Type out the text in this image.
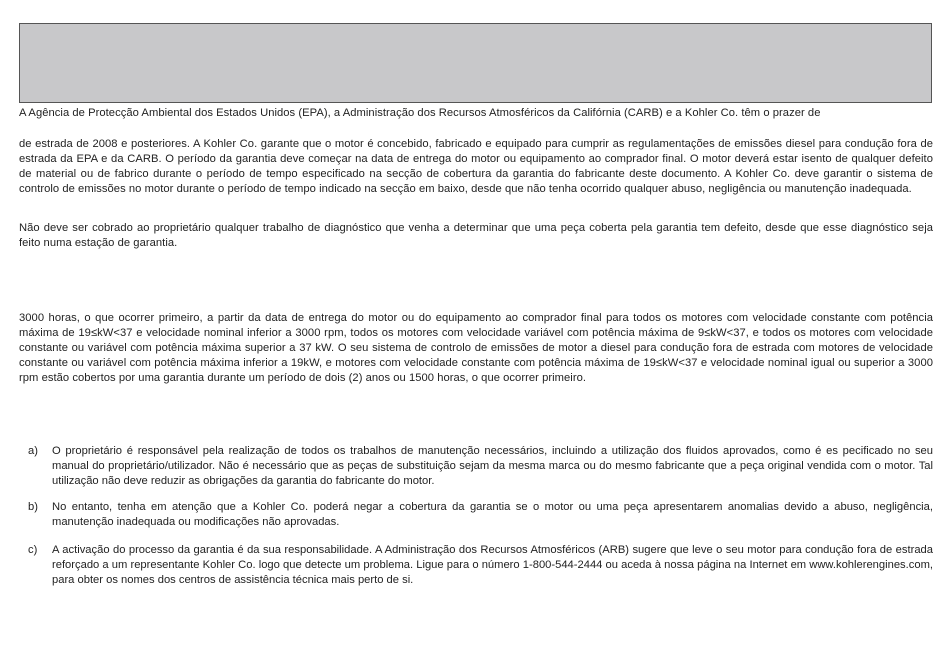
A Agência de Protecção Ambiental dos Estados Unidos (EPA), a Administração dos Recursos Atmosféricos da Califórnia (CARB) e a Kohler Co. têm o prazer de
de estrada de 2008 e posteriores. A Kohler Co. garante que o motor é concebido, fabricado e equipado para cumprir as regulamentações de emissões diesel para condução fora de estrada da EPA e da CARB. O período da garantia deve começar na data de entrega do motor ou equipamento ao comprador final. O motor deverá estar isento de qualquer defeito de material ou de fabrico durante o período de tempo especificado na secção de cobertura da garantia do fabricante deste documento. A Kohler Co. deve garantir o sistema de controlo de emissões no motor durante o período de tempo indicado na secção em baixo, desde que não tenha ocorrido qualquer abuso, negligência ou manutenção inadequada.
Não deve ser cobrado ao proprietário qualquer trabalho de diagnóstico que venha a determinar que uma peça coberta pela garantia tem defeito, desde que esse diagnóstico seja feito numa estação de garantia.
3000 horas, o que ocorrer primeiro, a partir da data de entrega do motor ou do equipamento ao comprador final para todos os motores com velocidade constante com potência máxima de 19≤kW<37 e velocidade nominal inferior a 3000 rpm, todos os motores com velocidade variável com potência máxima de 9≤kW<37, e todos os motores com velocidade constante ou variável com potência máxima superior a 37 kW. O seu sistema de controlo de emissões de motor a diesel para condução fora de estrada com motores de velocidade constante ou variável com potência máxima inferior a 19kW, e motores com velocidade constante com potência máxima de 19≤kW<37 e velocidade nominal igual ou superior a 3000 rpm estão cobertos por uma garantia durante um período de dois (2) anos ou 1500 horas, o que ocorrer primeiro.
a) O proprietário é responsável pela realização de todos os trabalhos de manutenção necessários, incluindo a utilização dos fluidos aprovados, como é es pecificado no seu manual do proprietário/utilizador. Não é necessário que as peças de substituição sejam da mesma marca ou do mesmo fabricante que a peça original vendida com o motor. Tal utilização não deve reduzir as obrigações da garantia do fabricante do motor.
b) No entanto, tenha em atenção que a Kohler Co. poderá negar a cobertura da garantia se o motor ou uma peça apresentarem anomalias devido a abuso, negligência, manutenção inadequada ou modificações não aprovadas.
c) A activação do processo da garantia é da sua responsabilidade. A Administração dos Recursos Atmosféricos (ARB) sugere que leve o seu motor para condução fora de estrada reforçado a um representante Kohler Co. logo que detecte um problema. Ligue para o número 1-800-544-2444 ou aceda à nossa página na Internet em www.kohlerengines.com, para obter os nomes dos centros de assistência técnica mais perto de si.
